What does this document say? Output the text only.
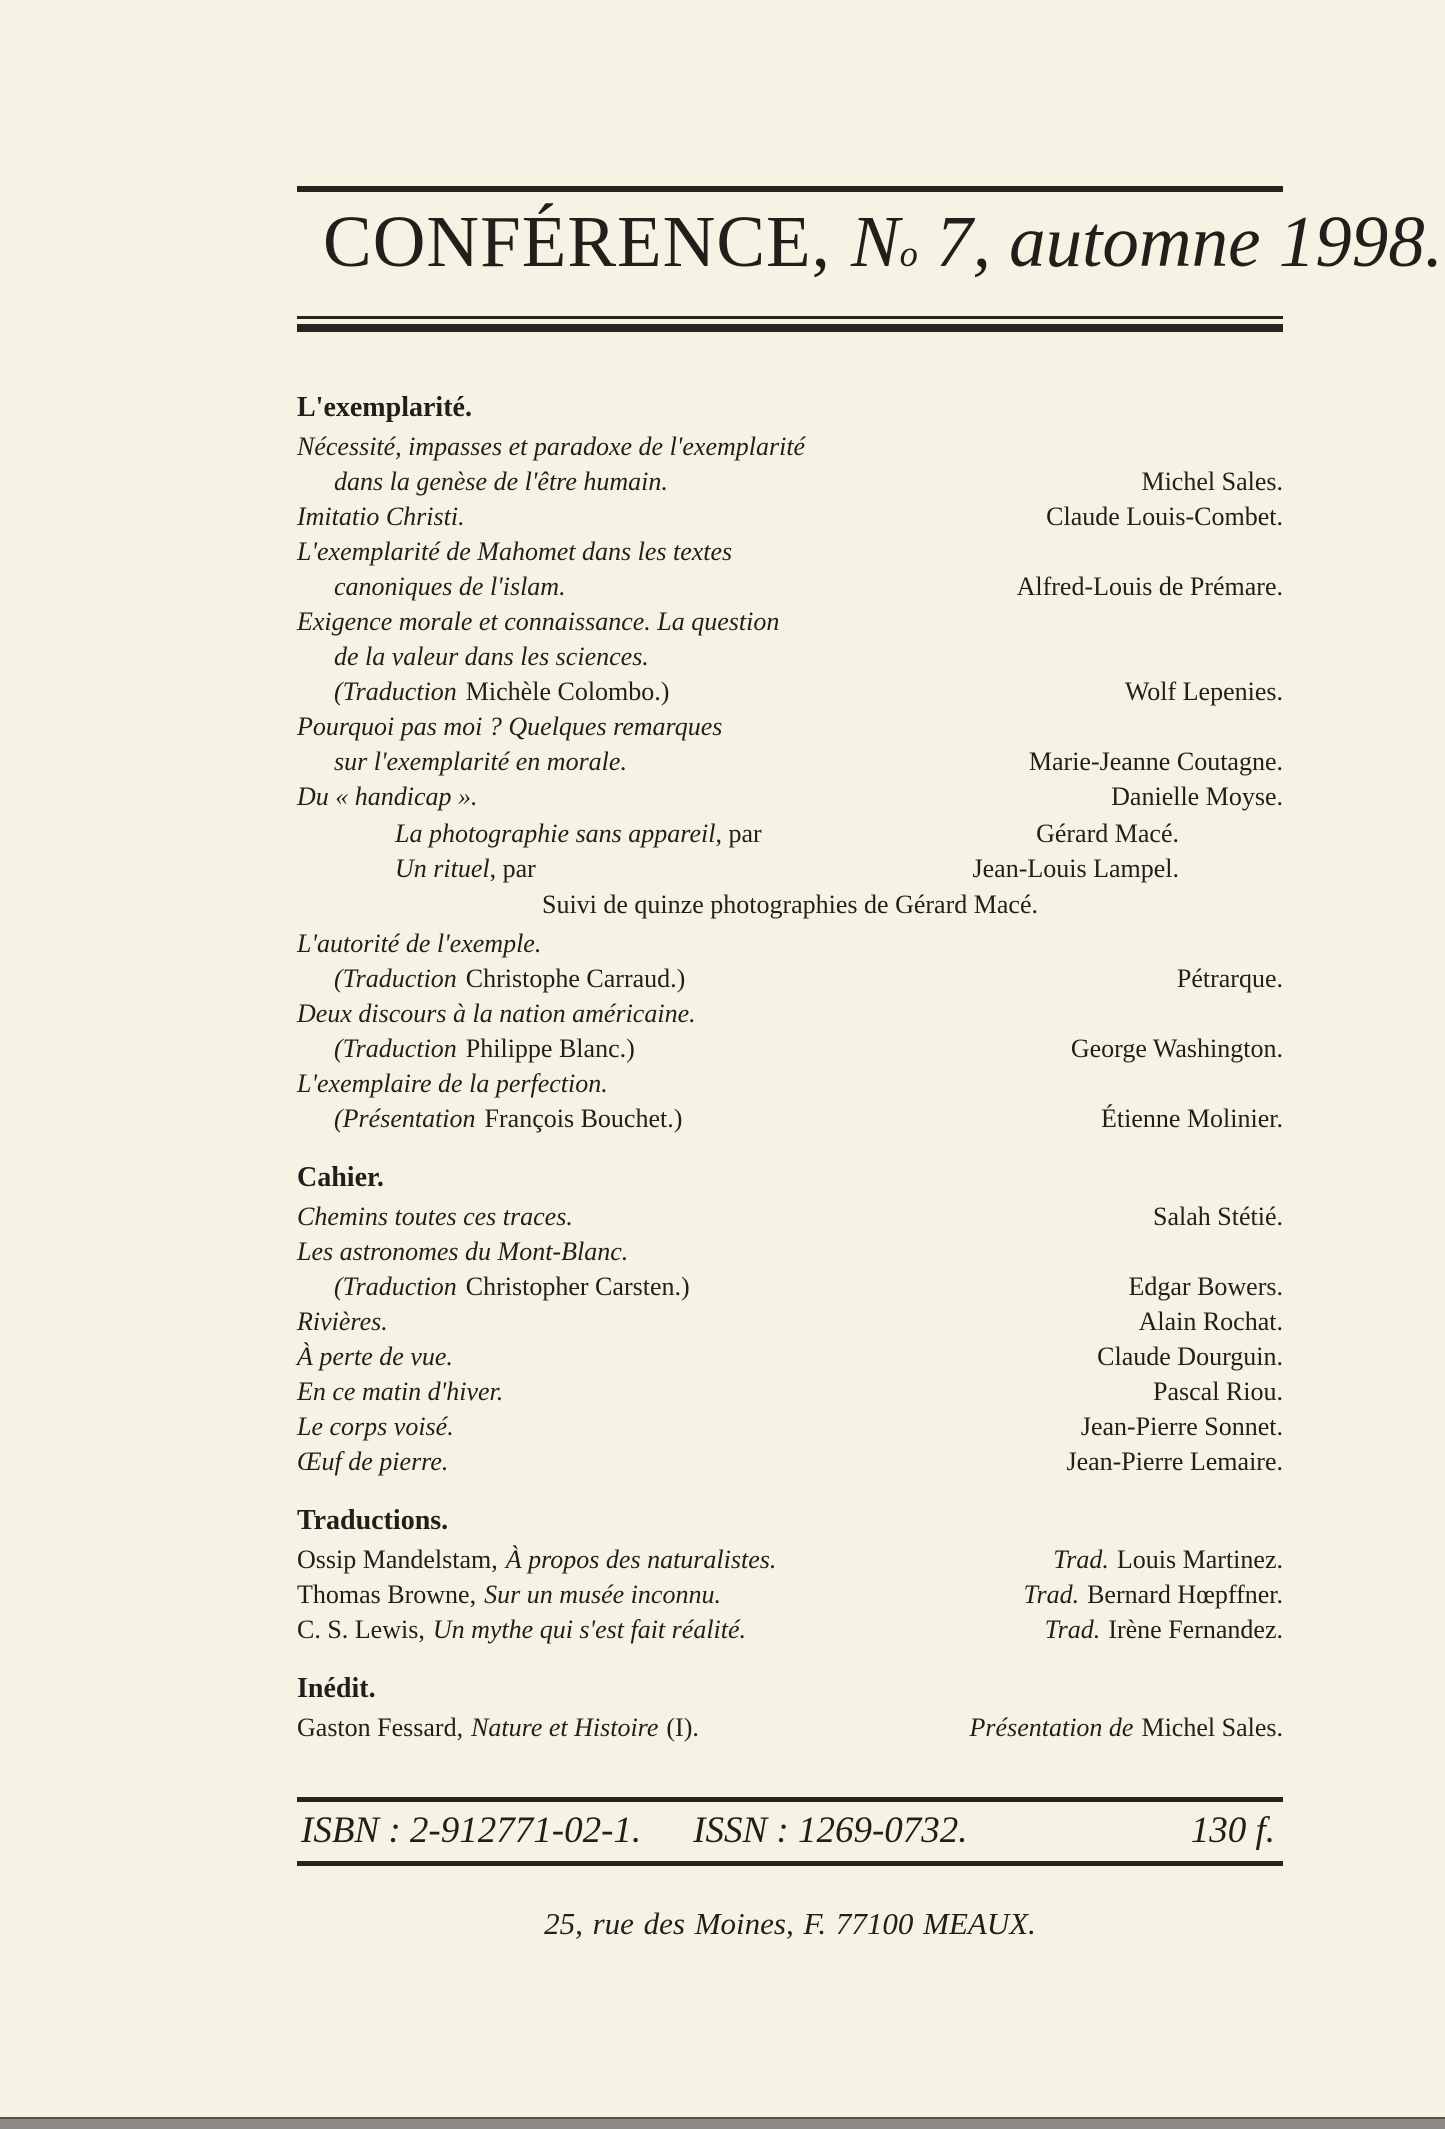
CONFÉRENCE, $N^o$ 7, automne 1998.
L'exemplarité.
Nécessité, impasses et paradoxe de l'exemplarité
dans la genèse de l'être humain.	Michel Sales.
Imitatio Christi.	Claude Louis-Combet.
L'exemplarité de Mahomet dans les textes
canoniques de l'islam.	Alfred-Louis de Prémare.
Exigence morale et connaissance. La question
de la valeur dans les sciences.
(Traduction Michèle Colombo.)	Wolf Lepenies.
Pourquoi pas moi ? Quelques remarques
sur l'exemplarité en morale.	Marie-Jeanne Coutagne.
Du « handicap ».	Danielle Moyse.
La photographie sans appareil, par	Gérard Macé.
Un rituel, par	Jean-Louis Lampel.
Suivi de quinze photographies de Gérard Macé.
L'autorité de l'exemple.
(Traduction Christophe Carraud.)	Pétrarque.
Deux discours à la nation américaine.
(Traduction Philippe Blanc.)	George Washington.
L'exemplaire de la perfection.
(Présentation François Bouchet.)	Étienne Molinier.
Cahier.
Chemins toutes ces traces.	Salah Stétié.
Les astronomes du Mont-Blanc.
(Traduction Christopher Carsten.)	Edgar Bowers.
Rivières.	Alain Rochat.
À perte de vue.	Claude Dourguin.
En ce matin d'hiver.	Pascal Riou.
Le corps voisé.	Jean-Pierre Sonnet.
Œuf de pierre.	Jean-Pierre Lemaire.
Traductions.
Ossip Mandelstam, À propos des naturalistes.	Trad. Louis Martinez.
Thomas Browne, Sur un musée inconnu.	Trad. Bernard Hœpffner.
C. S. Lewis, Un mythe qui s'est fait réalité.	Trad. Irène Fernandez.
Inédit.
Gaston Fessard, Nature et Histoire (I).	Présentation de Michel Sales.
ISBN : 2-912771-02-1. ISSN : 1269-0732.	130 f.
25, rue des Moines, F. 77100 MEAUX.
